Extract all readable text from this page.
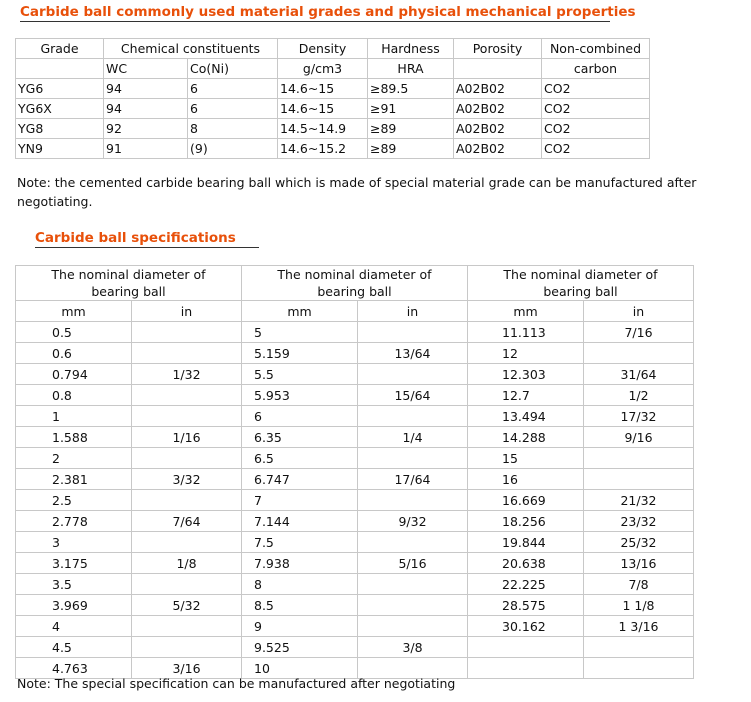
Carbide ball commonly used material grades and physical mechanical properties
Grade	Chemical constituents		Density	Hardness	Porosity	Non-combined
	WC	Co(Ni)	g/cm3	HRA		carbon
YG6	94	6	14.6~15	≥89.5	A02B02	CO2
YG6X	94	6	14.6~15	≥91	A02B02	CO2
YG8	92	8	14.5~14.9	≥89	A02B02	CO2
YN9	91	(9)	14.6~15.2	≥89	A02B02	CO2
Note: the cemented carbide bearing ball which is made of special material grade can be manufactured after negotiating.
Carbide ball specifications
The nominal diameter of bearing ball		The nominal diameter of bearing ball		The nominal diameter of bearing ball	
mm	in	mm	in	mm	in
0.5		5		11.113	7/16
0.6		5.159	13/64	12	
0.794	1/32	5.5		12.303	31/64
0.8		5.953	15/64	12.7	1/2
1		6		13.494	17/32
1.588	1/16	6.35	1/4	14.288	9/16
2		6.5		15	
2.381	3/32	6.747	17/64	16	
2.5		7		16.669	21/32
2.778	7/64	7.144	9/32	18.256	23/32
3		7.5		19.844	25/32
3.175	1/8	7.938	5/16	20.638	13/16
3.5		8		22.225	7/8
3.969	5/32	8.5		28.575	1 1/8
4		9		30.162	1 3/16
4.5		9.525	3/8		
4.763	3/16	10			
Note: The special specification can be manufactured after negotiating
